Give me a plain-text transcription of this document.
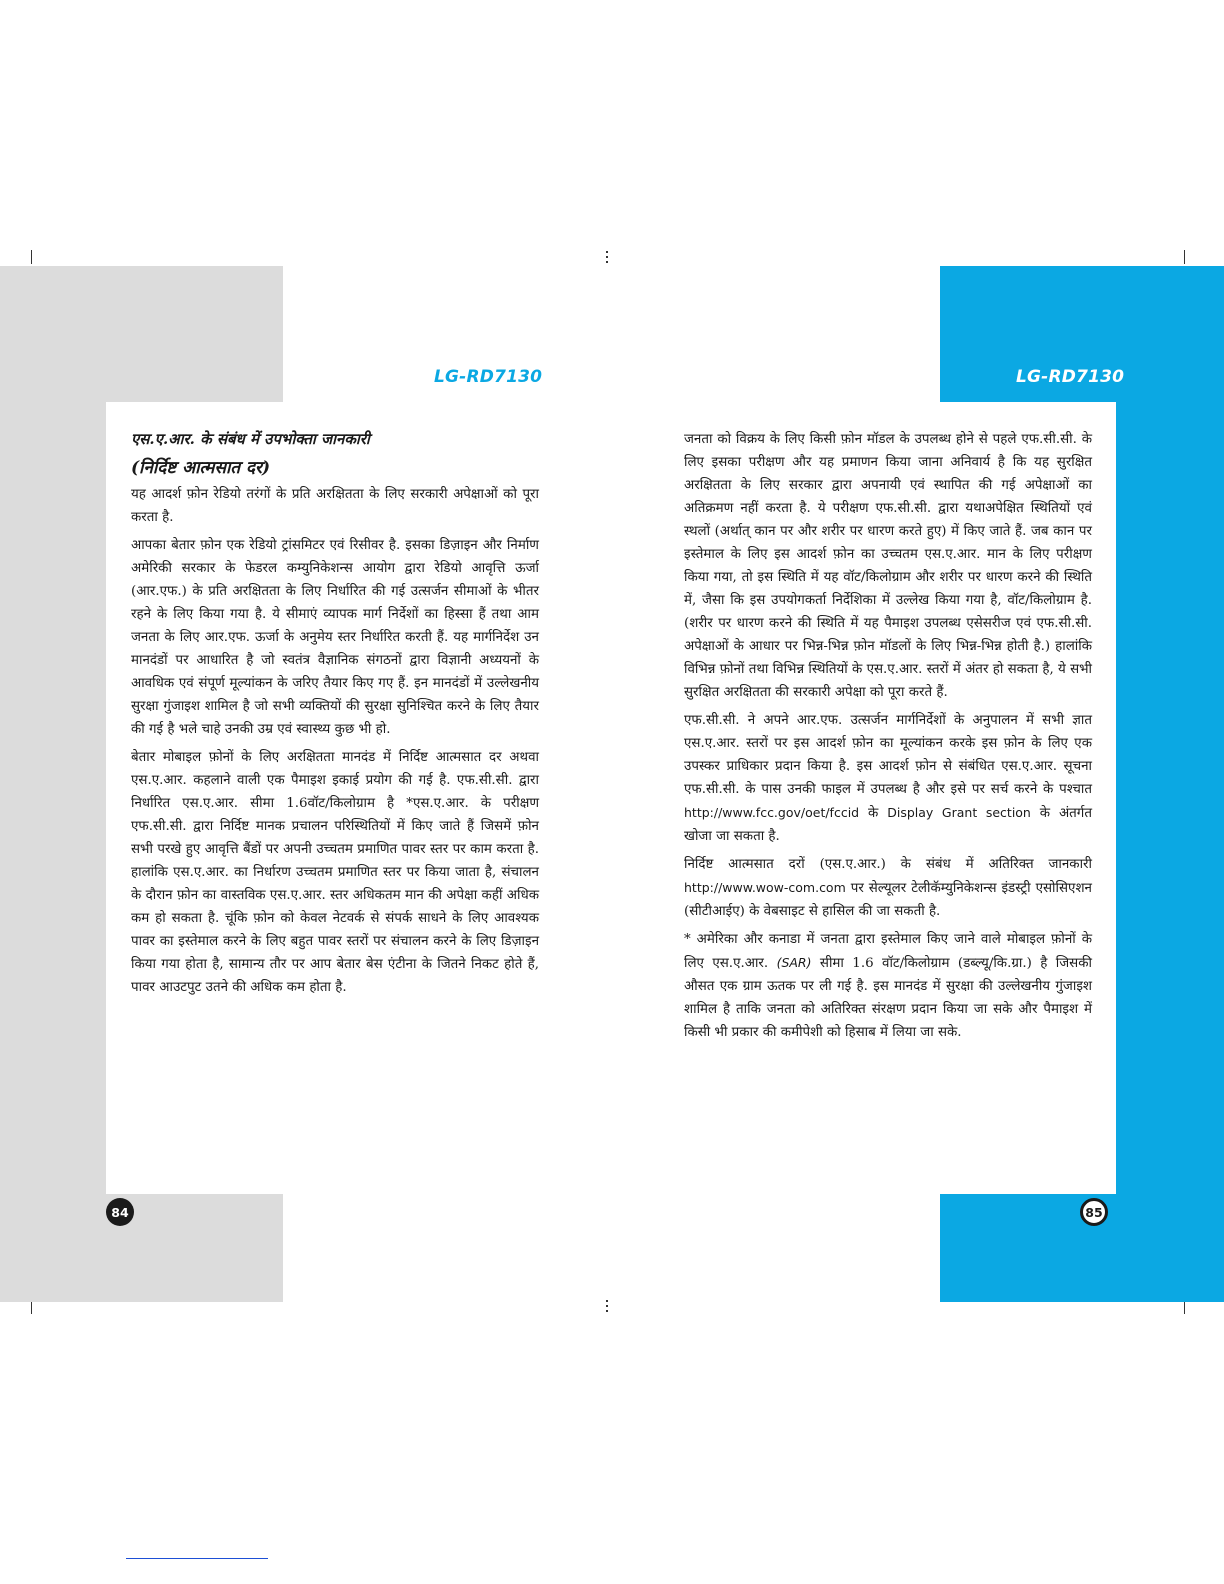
LG-RD7130	LG-RD7130
एस.ए.आर. के संबंध में उपभोक्ता जानकारी
(निर्दिष्ट आत्मसात दर)

यह आदर्श फ़ोन रेडियो तरंगों के प्रति अरक्षितता के लिए सरकारी अपेक्षाओं को पूरा करता है.

आपका बेतार फ़ोन एक रेडियो ट्रांसमिटर एवं रिसीवर है. इसका डिज़ाइन और निर्माण अमेरिकी सरकार के फेडरल कम्युनिकेशन्स आयोग द्वारा रेडियो आवृत्ति ऊर्जा (आर.एफ.) के प्रति अरक्षितता के लिए निर्धारित की गई उत्सर्जन सीमाओं के भीतर रहने के लिए किया गया है. ये सीमाएं व्यापक मार्ग निर्देशों का हिस्सा हैं तथा आम जनता के लिए आर.एफ. ऊर्जा के अनुमेय स्तर निर्धारित करती हैं. यह मार्गनिर्देश उन मानदंडों पर आधारित है जो स्वतंत्र वैज्ञानिक संगठनों द्वारा विज्ञानी अध्ययनों के आवधिक एवं संपूर्ण मूल्यांकन के जरिए तैयार किए गए हैं. इन मानदंडों में उल्लेखनीय सुरक्षा गुंजाइश शामिल है जो सभी व्यक्तियों की सुरक्षा सुनिश्चित करने के लिए तैयार की गई है भले चाहे उनकी उम्र एवं स्वास्थ्य कुछ भी हो.

बेतार मोबाइल फ़ोनों के लिए अरक्षितता मानदंड में निर्दिष्ट आत्मसात दर अथवा एस.ए.आर. कहलाने वाली एक पैमाइश इकाई प्रयोग की गई है. एफ.सी.सी. द्वारा निर्धारित एस.ए.आर. सीमा 1.6वॉट/किलोग्राम है *एस.ए.आर. के परीक्षण एफ.सी.सी. द्वारा निर्दिष्ट मानक प्रचालन परिस्थितियों में किए जाते हैं जिसमें फ़ोन सभी परखे हुए आवृत्ति बैंडों पर अपनी उच्चतम प्रमाणित पावर स्तर पर काम करता है. हालांकि एस.ए.आर. का निर्धारण उच्चतम प्रमाणित स्तर पर किया जाता है, संचालन के दौरान फ़ोन का वास्तविक एस.ए.आर. स्तर अधिकतम मान की अपेक्षा कहीं अधिक कम हो सकता है. चूंकि फ़ोन को केवल नेटवर्क से संपर्क साधने के लिए आवश्यक पावर का इस्तेमाल करने के लिए बहुत पावर स्तरों पर संचालन करने के लिए डिज़ाइन किया गया होता है, सामान्य तौर पर आप बेतार बेस एंटीना के जितने निकट होते हैं, पावर आउटपुट उतने की अधिक कम होता है.

जनता को विक्रय के लिए किसी फ़ोन मॉडल के उपलब्ध होने से पहले एफ.सी.सी. के लिए इसका परीक्षण और यह प्रमाणन किया जाना अनिवार्य है कि यह सुरक्षित अरक्षितता के लिए सरकार द्वारा अपनायी एवं स्थापित की गई अपेक्षाओं का अतिक्रमण नहीं करता है. ये परीक्षण एफ.सी.सी. द्वारा यथाअपेक्षित स्थितियों एवं स्थलों (अर्थात् कान पर और शरीर पर धारण करते हुए) में किए जाते हैं. जब कान पर इस्तेमाल के लिए इस आदर्श फ़ोन का उच्चतम एस.ए.आर. मान के लिए परीक्षण किया गया, तो इस स्थिति में यह वॉट/किलोग्राम और शरीर पर धारण करने की स्थिति में, जैसा कि इस उपयोगकर्ता निर्देशिका में उल्लेख किया गया है, वॉट/किलोग्राम है. (शरीर पर धारण करने की स्थिति में यह पैमाइश उपलब्ध एसेसरीज एवं एफ.सी.सी. अपेक्षाओं के आधार पर भिन्न-भिन्न फ़ोन मॉडलों के लिए भिन्न-भिन्न होती है.) हालांकि विभिन्न फ़ोनों तथा विभिन्न स्थितियों के एस.ए.आर. स्तरों में अंतर हो सकता है, ये सभी सुरक्षित अरक्षितता की सरकारी अपेक्षा को पूरा करते हैं.

एफ.सी.सी. ने अपने आर.एफ. उत्सर्जन मार्गनिर्देशों के अनुपालन में सभी ज्ञात एस.ए.आर. स्तरों पर इस आदर्श फ़ोन का मूल्यांकन करके इस फ़ोन के लिए एक उपस्कर प्राधिकार प्रदान किया है. इस आदर्श फ़ोन से संबंधित एस.ए.आर. सूचना एफ.सी.सी. के पास उनकी फाइल में उपलब्ध है और इसे पर सर्च करने के पश्चात http://www.fcc.gov/oet/fccid के Display Grant section के अंतर्गत खोजा जा सकता है.

निर्दिष्ट आत्मसात दरों (एस.ए.आर.) के संबंध में अतिरिक्त जानकारी http://www.wow-com.com पर सेल्यूलर टेलीकॅम्युनिकेशन्स इंडस्ट्री एसोसिएशन (सीटीआईए) के वेबसाइट से हासिल की जा सकती है.

* अमेरिका और कनाडा में जनता द्वारा इस्तेमाल किए जाने वाले मोबाइल फ़ोनों के लिए एस.ए.आर. (SAR) सीमा 1.6 वॉट/किलोग्राम (डब्ल्यू/कि.ग्रा.) है जिसकी औसत एक ग्राम ऊतक पर ली गई है. इस मानदंड में सुरक्षा की उल्लेखनीय गुंजाइश शामिल है ताकि जनता को अतिरिक्त संरक्षण प्रदान किया जा सके और पैमाइश में किसी भी प्रकार की कमीपेशी को हिसाब में लिया जा सके.

84	85
